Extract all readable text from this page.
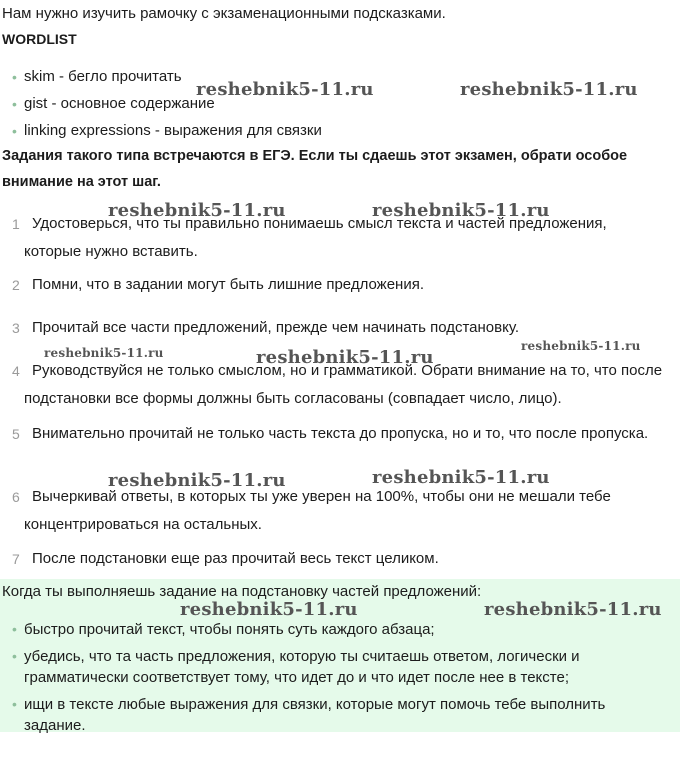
Нам нужно изучить рамочку с экзаменационными подсказками.
WORDLIST
• skim - бегло прочитать
• gist - основное содержание
• linking expressions - выражения для связки
Задания такого типа встречаются в ЕГЭ. Если ты сдаешь этот экзамен, обрати особое внимание на этот шаг.
1 Удостоверься, что ты правильно понимаешь смысл текста и частей предложения, которые нужно вставить.
2 Помни, что в задании могут быть лишние предложения.
3 Прочитай все части предложений, прежде чем начинать подстановку.
4 Руководствуйся не только смыслом, но и грамматикой. Обрати внимание на то, что после подстановки все формы должны быть согласованы (совпадает число, лицо).
5 Внимательно прочитай не только часть текста до пропуска, но и то, что после пропуска.
6 Вычеркивай ответы, в которых ты уже уверен на 100%, чтобы они не мешали тебе концентрироваться на остальных.
7 После подстановки еще раз прочитай весь текст целиком.
Когда ты выполняешь задание на подстановку частей предложений:
• быстро прочитай текст, чтобы понять суть каждого абзаца;
• убедись, что та часть предложения, которую ты считаешь ответом, логически и грамматически соответствует тому, что идет до и что идет после нее в тексте;
• ищи в тексте любые выражения для связки, которые могут помочь тебе выполнить задание.
reshebnik5-11.ru	reshebnik5-11.ru
reshebnik5-11.ru	reshebnik5-11.ru
reshebnik5-11.ru	reshebnik5-11.ru
reshebnik5-11.ru
reshebnik5-11.ru	reshebnik5-11.ru
reshebnik5-11.ru	reshebnik5-11.ru
